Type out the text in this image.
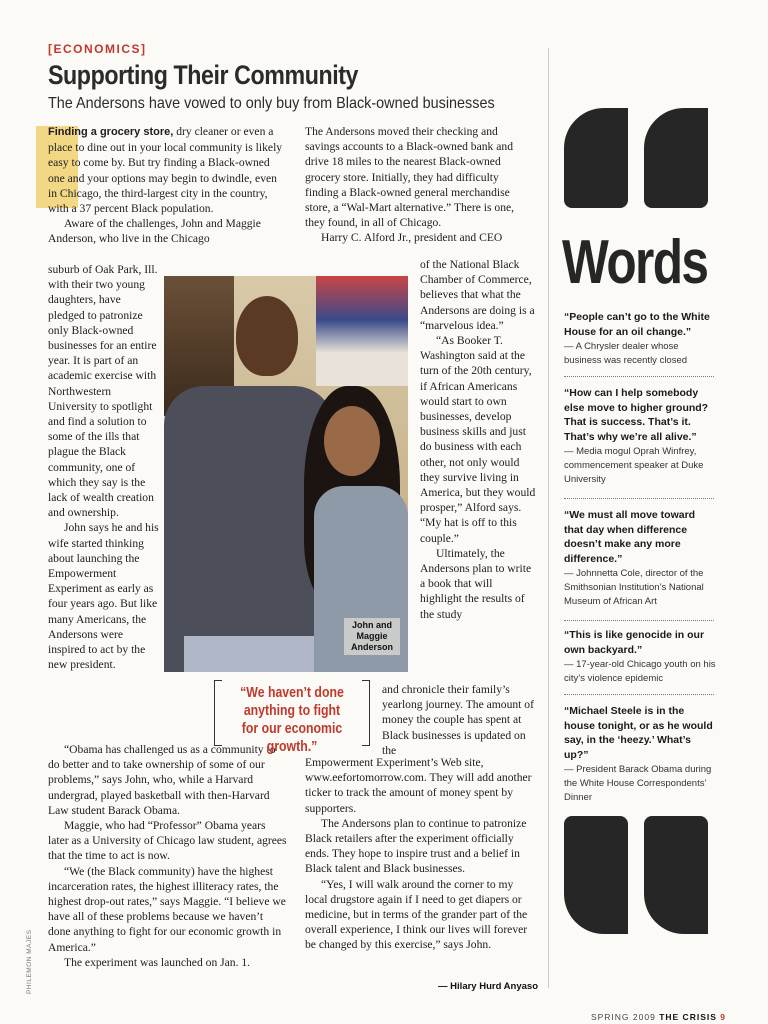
[ECONOMICS]
Supporting Their Community
The Andersons have vowed to only buy from Black-owned businesses

Finding a grocery store, dry cleaner or even a place to dine out in your local community is likely easy to come by. But try finding a Black-owned one and your options may begin to dwindle, even in Chicago, the third-largest city in the country, with a 37 percent Black population.

Aware of the challenges, John and Maggie Anderson, who live in the Chicago

suburb of Oak Park, Ill. with their two young daughters, have pledged to patronize only Black-owned businesses for an entire year. It is part of an academic exercise with Northwestern University to spotlight and find a solution to some of the ills that plague the Black community, one of which they say is the lack of wealth creation and ownership.

John says he and his wife started thinking about launching the Empowerment Experiment as early as four years ago. But like many Americans, the Andersons were inspired to act by the new president.

“Obama has challenged us as a community to do better and to take ownership of some of our problems,” says John, who, while a Harvard undergrad, played basketball with then-Harvard Law student Barack Obama.

Maggie, who had “Professor” Obama years later as a University of Chicago law student, agrees that the time to act is now.

“We (the Black community) have the highest incarceration rates, the highest illiteracy rates, the highest drop-out rates,” says Maggie. “I believe we have all of these problems because we haven’t done anything to fight for our economic growth in America.”

The experiment was launched on Jan. 1.

The Andersons moved their checking and savings accounts to a Black-owned bank and drive 18 miles to the nearest Black-owned grocery store. Initially, they had difficulty finding a Black-owned general merchandise store, a “Wal-Mart alternative.” There is one, they found, in all of Chicago.

Harry C. Alford Jr., president and CEO

of the National Black Chamber of Commerce, believes that what the Andersons are doing is a “marvelous idea.”

“As Booker T. Washington said at the turn of the 20th century, if African Americans would start to own businesses, develop business skills and just do business with each other, not only would they survive living in America, but they would prosper,” Alford says. “My hat is off to this couple.”

Ultimately, the Andersons plan to write a book that will highlight the results of the study

and chronicle their family’s yearlong journey. The amount of money the couple has spent at Black businesses is updated on the

Empowerment Experiment’s Web site, www.eefortomorrow.com. They will add another ticker to track the amount of money spent by supporters.

The Andersons plan to continue to patronize Black retailers after the experiment officially ends. They hope to inspire trust and a belief in Black talent and Black businesses.

“Yes, I will walk around the corner to my local drugstore again if I need to get diapers or medicine, but in terms of the grander part of the overall experience, I think our lives will forever be changed by this exercise,” says John.

— Hilary Hurd Anyaso
John and Maggie Anderson
“We haven’t done anything to fight for our economic growth.”
Words
“People can’t go to the White House for an oil change.”
— A Chrysler dealer whose business was recently closed
“How can I help somebody else move to higher ground? That is success. That’s it. That’s why we’re all alive.”
— Media mogul Oprah Winfrey, commencement speaker at Duke University
“We must all move toward that day when difference doesn’t make any more difference.”
— Johnnetta Cole, director of the Smithsonian Institution’s National Museum of African Art
“This is like genocide in our own backyard.”
— 17-year-old Chicago youth on his city’s violence epidemic
“Michael Steele is in the house tonight, or as he would say, in the ‘heezy.’ What’s up?”
— President Barack Obama during the White House Correspondents’ Dinner
PHILEMON MAJES
SPRING 2009 THE CRISIS 9
